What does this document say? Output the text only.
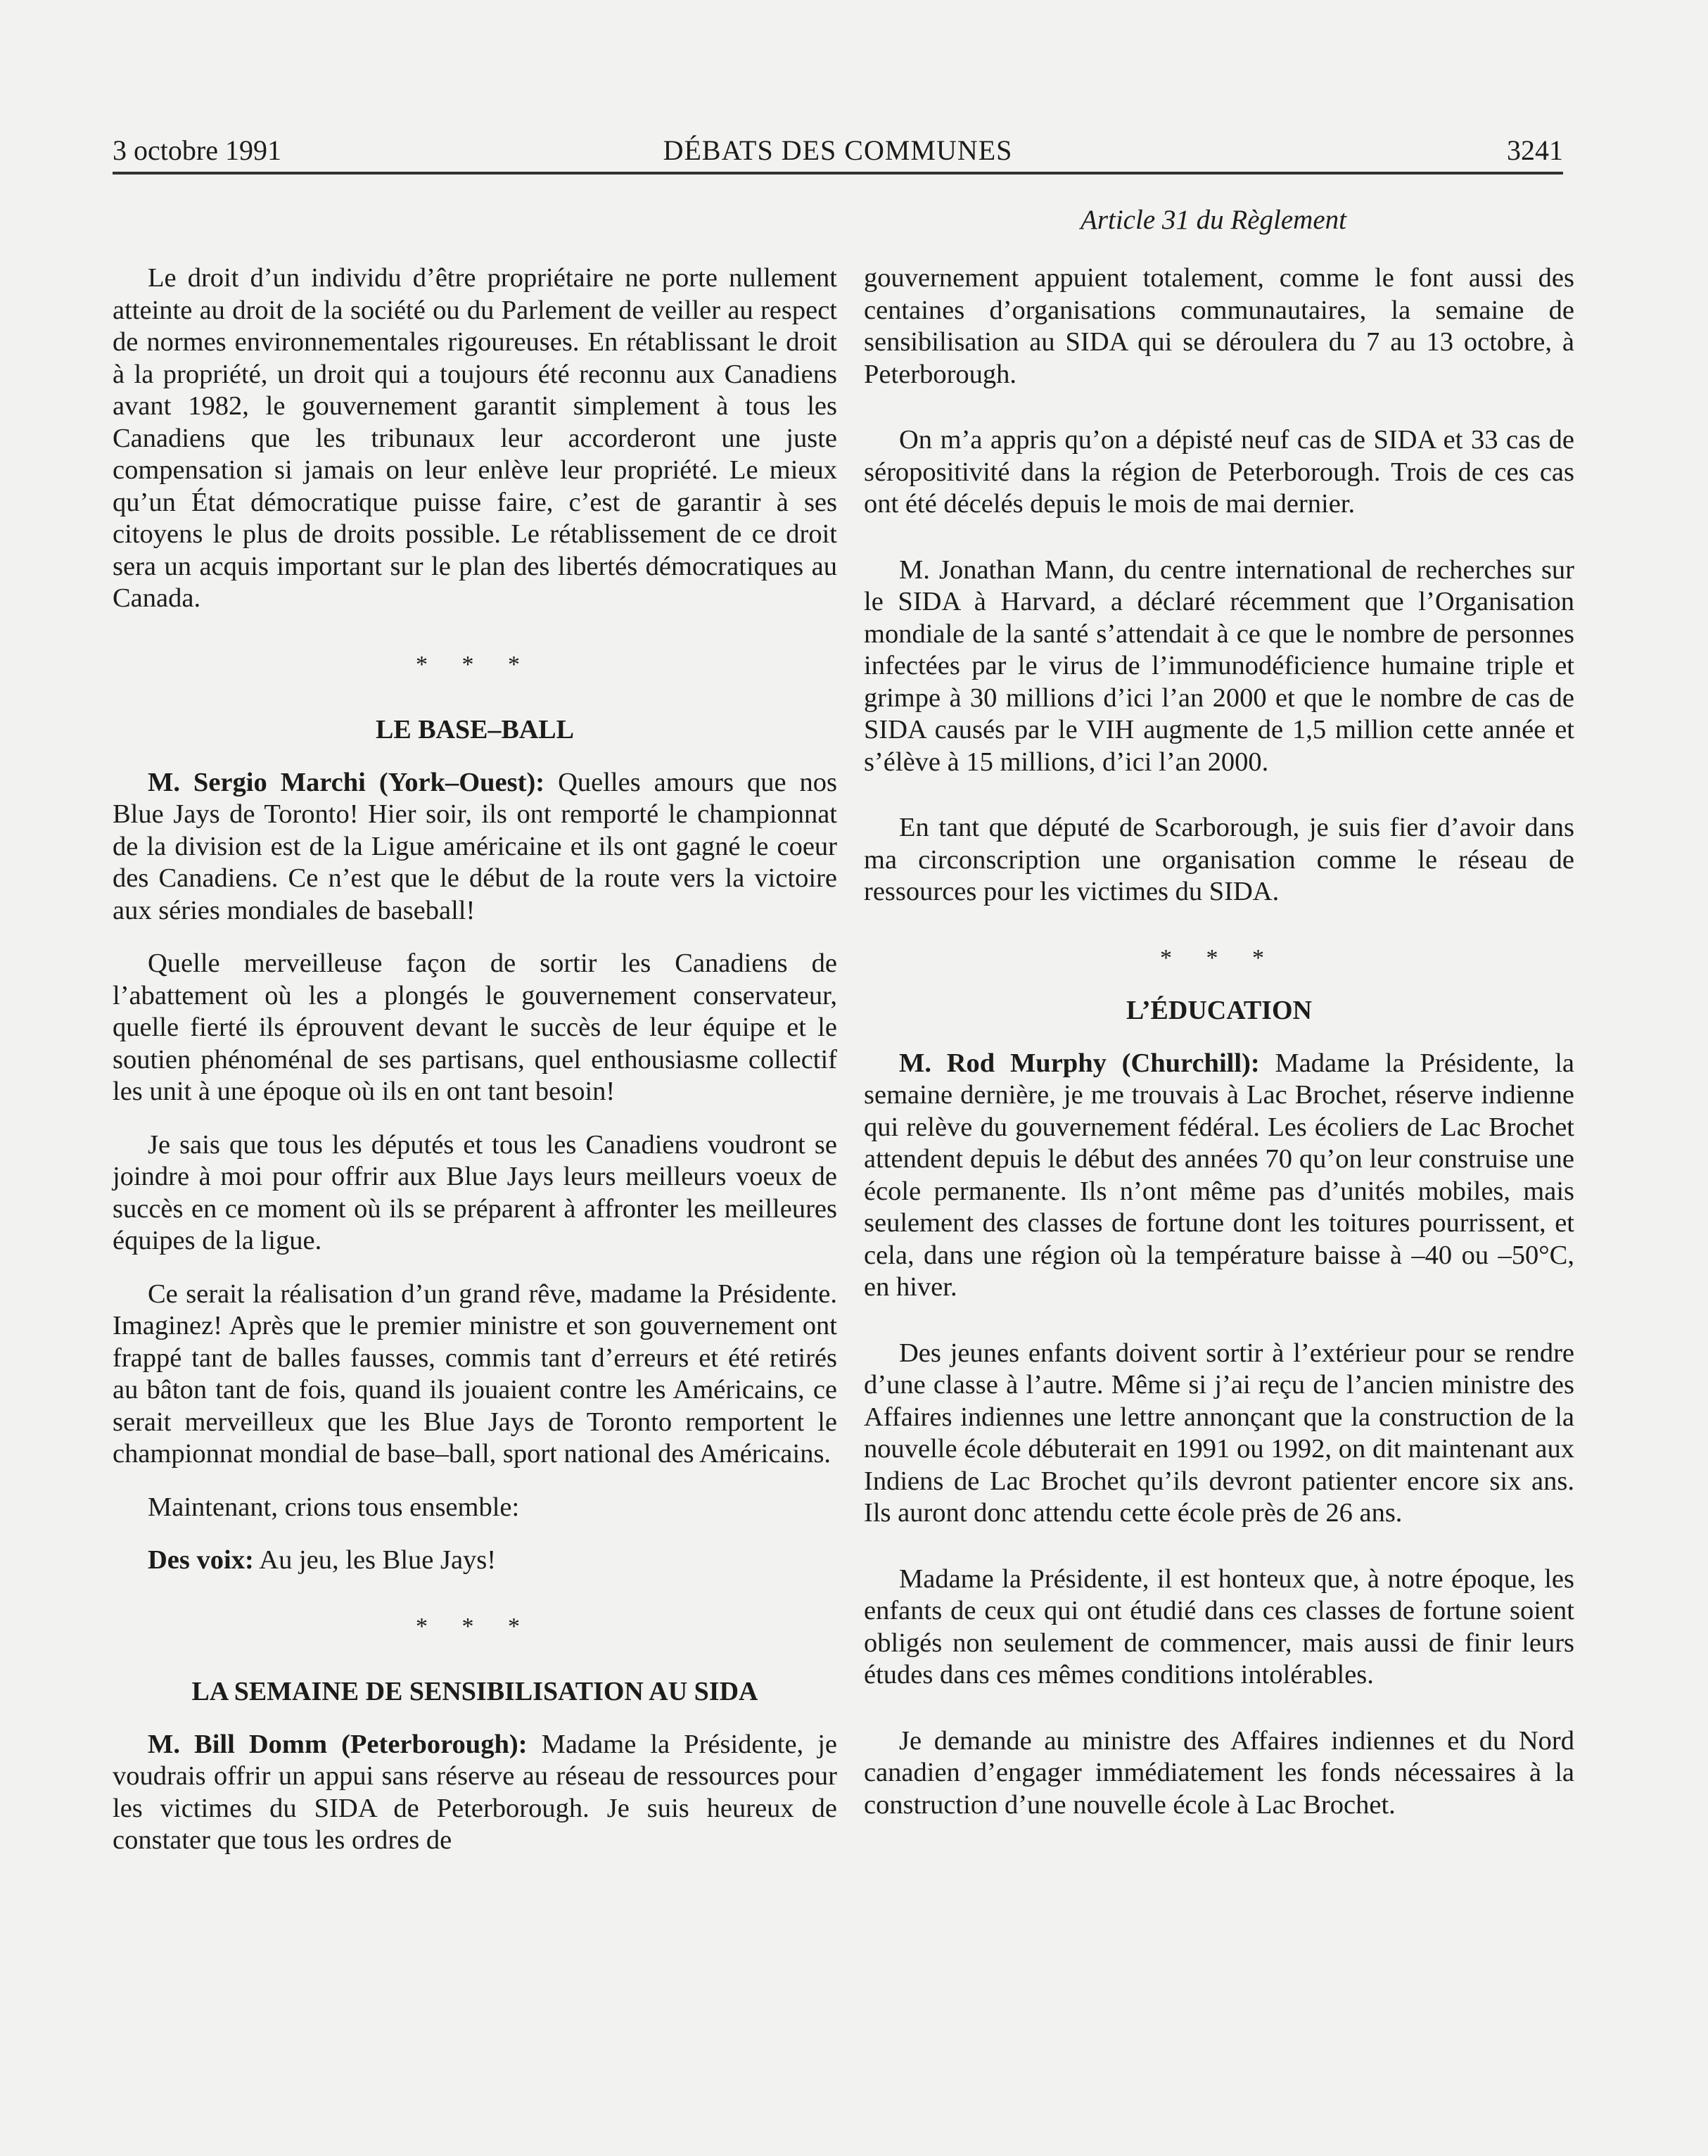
3 octobre 1991	DÉBATS DES COMMUNES	3241
Article 31 du Règlement

Le droit d’un individu d’être propriétaire ne porte nullement atteinte au droit de la société ou du Parlement de veiller au respect de normes environnementales rigoureuses. En rétablissant le droit à la propriété, un droit qui a toujours été reconnu aux Canadiens avant 1982, le gouvernement garantit simplement à tous les Canadiens que les tribunaux leur accorderont une juste compensation si jamais on leur enlève leur propriété. Le mieux qu’un État démocratique puisse faire, c’est de garantir à ses citoyens le plus de droits possible. Le rétablissement de ce droit sera un acquis important sur le plan des libertés démocratiques au Canada.

* * *
LE BASE–BALL

M. Sergio Marchi (York–Ouest): Quelles amours que nos Blue Jays de Toronto! Hier soir, ils ont remporté le championnat de la division est de la Ligue américaine et ils ont gagné le coeur des Canadiens. Ce n’est que le début de la route vers la victoire aux séries mondiales de baseball!

Quelle merveilleuse façon de sortir les Canadiens de l’abattement où les a plongés le gouvernement conservateur, quelle fierté ils éprouvent devant le succès de leur équipe et le soutien phénoménal de ses partisans, quel enthousiasme collectif les unit à une époque où ils en ont tant besoin!

Je sais que tous les députés et tous les Canadiens voudront se joindre à moi pour offrir aux Blue Jays leurs meilleurs voeux de succès en ce moment où ils se préparent à affronter les meilleures équipes de la ligue.

Ce serait la réalisation d’un grand rêve, madame la Présidente. Imaginez! Après que le premier ministre et son gouvernement ont frappé tant de balles fausses, commis tant d’erreurs et été retirés au bâton tant de fois, quand ils jouaient contre les Américains, ce serait merveilleux que les Blue Jays de Toronto remportent le championnat mondial de base–ball, sport national des Américains.

Maintenant, crions tous ensemble:

Des voix: Au jeu, les Blue Jays!

* * *
LA SEMAINE DE SENSIBILISATION AU SIDA

M. Bill Domm (Peterborough): Madame la Présidente, je voudrais offrir un appui sans réserve au réseau de ressources pour les victimes du SIDA de Peterborough. Je suis heureux de constater que tous les ordres de

gouvernement appuient totalement, comme le font aussi des centaines d’organisations communautaires, la semaine de sensibilisation au SIDA qui se déroulera du 7 au 13 octobre, à Peterborough.

On m’a appris qu’on a dépisté neuf cas de SIDA et 33 cas de séropositivité dans la région de Peterborough. Trois de ces cas ont été décelés depuis le mois de mai dernier.

M. Jonathan Mann, du centre international de recherches sur le SIDA à Harvard, a déclaré récemment que l’Organisation mondiale de la santé s’attendait à ce que le nombre de personnes infectées par le virus de l’immunodéficience humaine triple et grimpe à 30 millions d’ici l’an 2000 et que le nombre de cas de SIDA causés par le VIH augmente de 1,5 million cette année et s’élève à 15 millions, d’ici l’an 2000.

En tant que député de Scarborough, je suis fier d’avoir dans ma circonscription une organisation comme le réseau de ressources pour les victimes du SIDA.

* * *
L’ÉDUCATION

M. Rod Murphy (Churchill): Madame la Présidente, la semaine dernière, je me trouvais à Lac Brochet, réserve indienne qui relève du gouvernement fédéral. Les écoliers de Lac Brochet attendent depuis le début des années 70 qu’on leur construise une école permanente. Ils n’ont même pas d’unités mobiles, mais seulement des classes de fortune dont les toitures pourrissent, et cela, dans une région où la température baisse à –40 ou –50°C, en hiver.

Des jeunes enfants doivent sortir à l’extérieur pour se rendre d’une classe à l’autre. Même si j’ai reçu de l’ancien ministre des Affaires indiennes une lettre annonçant que la construction de la nouvelle école débuterait en 1991 ou 1992, on dit maintenant aux Indiens de Lac Brochet qu’ils devront patienter encore six ans. Ils auront donc attendu cette école près de 26 ans.

Madame la Présidente, il est honteux que, à notre époque, les enfants de ceux qui ont étudié dans ces classes de fortune soient obligés non seulement de commencer, mais aussi de finir leurs études dans ces mêmes conditions intolérables.

Je demande au ministre des Affaires indiennes et du Nord canadien d’engager immédiatement les fonds nécessaires à la construction d’une nouvelle école à Lac Brochet.
